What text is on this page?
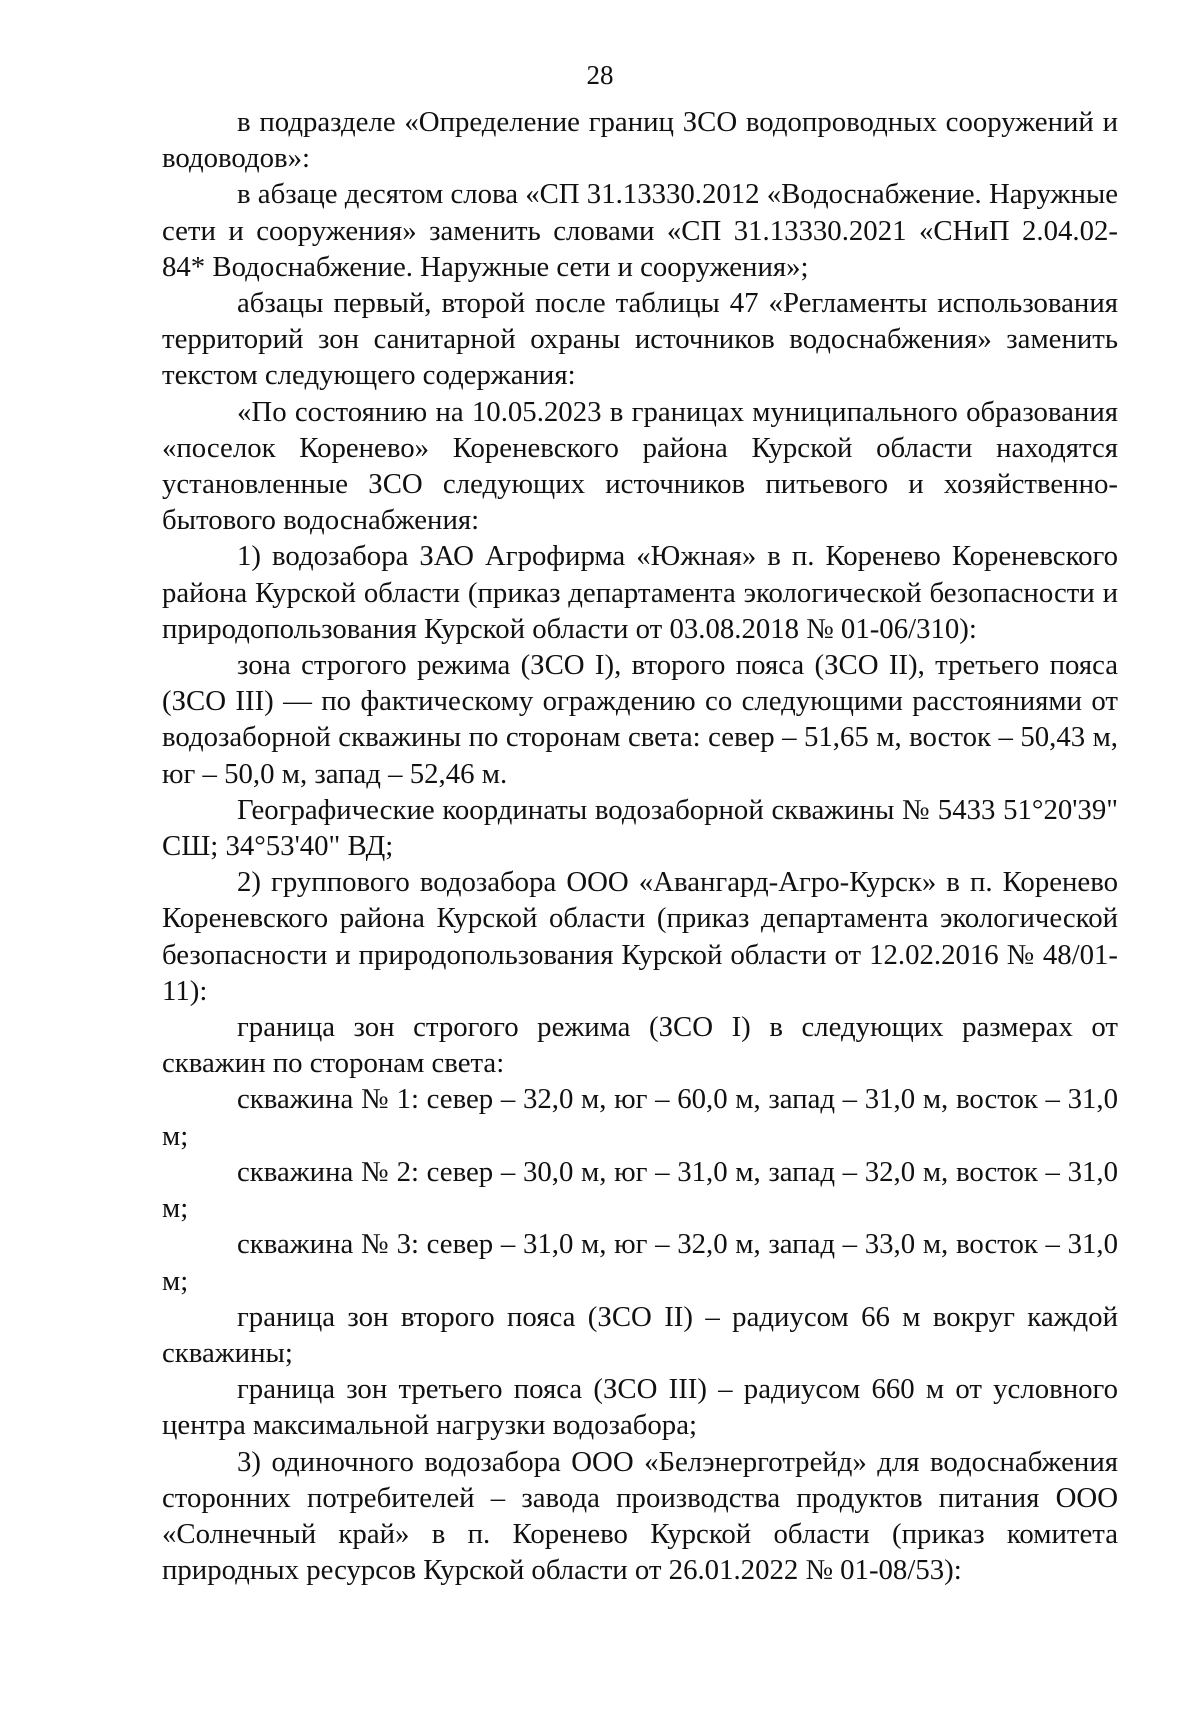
28

в подразделе «Определение границ ЗСО водопроводных сооружений и водоводов»:

в абзаце десятом слова «СП 31.13330.2012 «Водоснабжение. Наружные сети и сооружения» заменить словами «СП 31.13330.2021 «СНиП 2.04.02-84* Водоснабжение. Наружные сети и сооружения»;

абзацы первый, второй после таблицы 47 «Регламенты использования территорий зон санитарной охраны источников водоснабжения» заменить текстом следующего содержания:

«По состоянию на 10.05.2023 в границах муниципального образования «поселок Коренево» Кореневского района Курской области находятся установленные ЗСО следующих источников питьевого и хозяйственно-бытового водоснабжения:

1) водозабора ЗАО Агрофирма «Южная» в п. Коренево Кореневского района Курской области (приказ департамента экологической безопасности и природопользования Курской области от 03.08.2018 № 01-06/310):

зона строгого режима (ЗСО I), второго пояса (ЗСО II), третьего пояса (ЗСО III) — по фактическому ограждению со следующими расстояниями от водозаборной скважины по сторонам света: север – 51,65 м, восток – 50,43 м, юг – 50,0 м, запад – 52,46 м.

Географические координаты водозаборной скважины № 5433 51°20'39" СШ; 34°53'40" ВД;

2) группового водозабора ООО «Авангард-Агро-Курск» в п. Коренево Кореневского района Курской области (приказ департамента экологической безопасности и природопользования Курской области от 12.02.2016 № 48/01-11):

граница зон строгого режима (ЗСО I) в следующих размерах от скважин по сторонам света:

скважина № 1: север – 32,0 м, юг – 60,0 м, запад – 31,0 м, восток – 31,0 м;

скважина № 2: север – 30,0 м, юг – 31,0 м, запад – 32,0 м, восток – 31,0 м;

скважина № 3: север – 31,0 м, юг – 32,0 м, запад – 33,0 м, восток – 31,0 м;

граница зон второго пояса (ЗСО II) – радиусом 66 м вокруг каждой скважины;

граница зон третьего пояса (ЗСО III) – радиусом 660 м от условного центра максимальной нагрузки водозабора;

3) одиночного водозабора ООО «Белэнерготрейд» для водоснабжения сторонних потребителей – завода производства продуктов питания ООО «Солнечный край» в п. Коренево Курской области (приказ комитета природных ресурсов Курской области от 26.01.2022 № 01-08/53):
